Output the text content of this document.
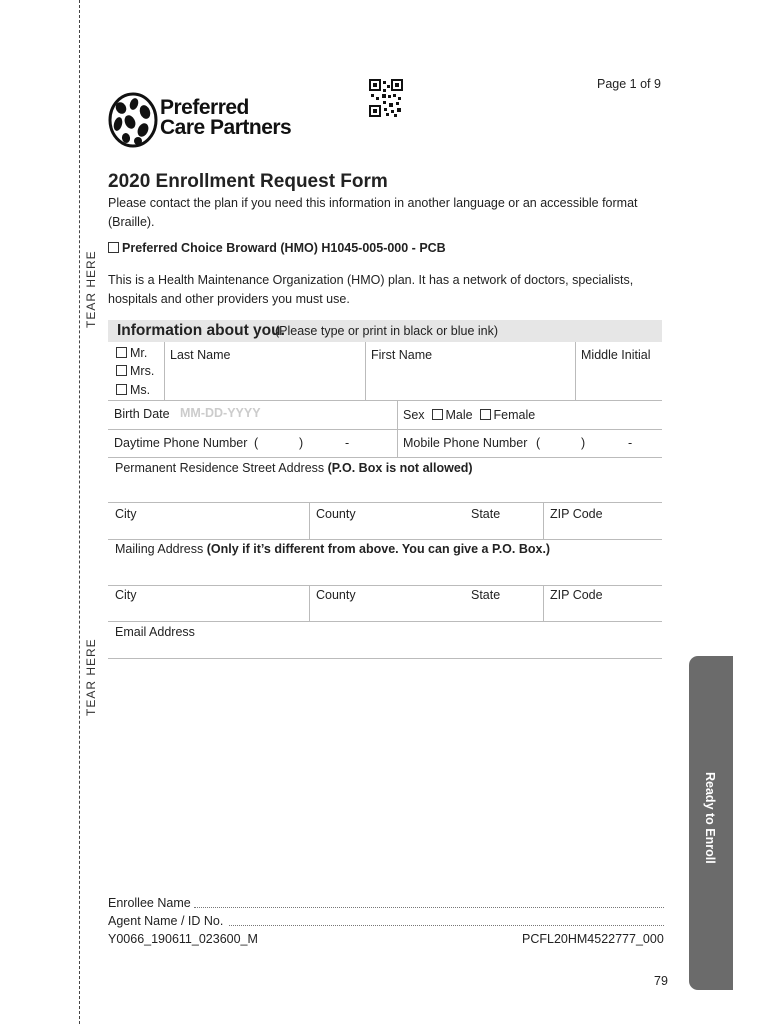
TEAR HERE
TEAR HERE
Page 1 of 9
Preferred
Care Partners
2020 Enrollment Request Form
Please contact the plan if you need this information in another language or an accessible format (Braille).
Preferred Choice Broward (HMO) H1045-005-000 - PCB
This is a Health Maintenance Organization (HMO) plan. It has a network of doctors, specialists, hospitals and other providers you must use.
Information about you.
(Please type or print in black or blue ink)
Mr.
Mrs.
Ms.
Last Name	First Name	Middle Initial
Birth Date MM-DD-YYYY	Sex Male Female
Daytime Phone Number (	)	-	Mobile Phone Number (	)	-
Permanent Residence Street Address (P.O. Box is not allowed)
City	County	State	ZIP Code
Mailing Address (Only if it’s different from above. You can give a P.O. Box.)
City	County	State	ZIP Code
Email Address
Ready to Enroll
Enrollee Name
Agent Name / ID No.
Y0066_190611_023600_M	PCFL20HM4522777_000
79
